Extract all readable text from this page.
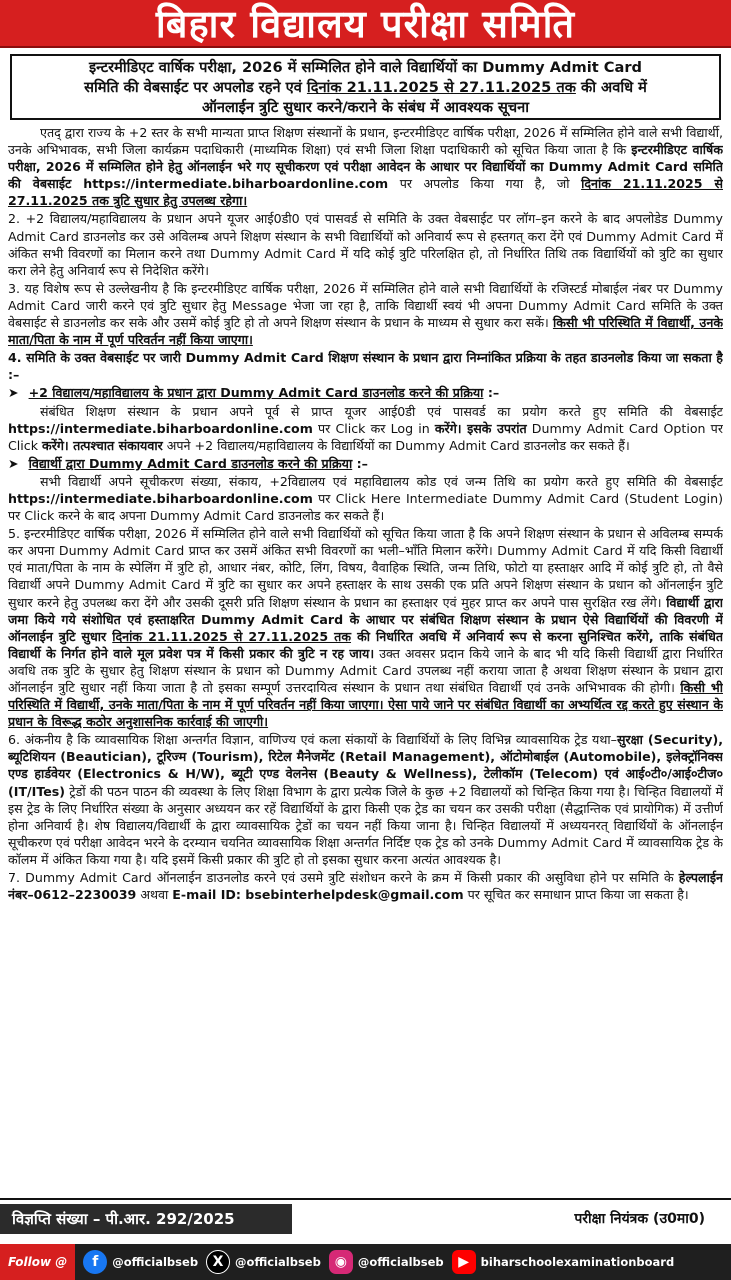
बिहार विद्यालय परीक्षा समिति
इन्टरमीडिएट वार्षिक परीक्षा, 2026 में सम्मिलित होने वाले विद्यार्थियों का Dummy Admit Card
समिति की वेबसाईट पर अपलोड रहने एवं दिनांक 21.11.2025 से 27.11.2025 तक की अवधि में
ऑनलाईन त्रुटि सुधार करने/कराने के संबंध में आवश्यक सूचना

एतद् द्वारा राज्य के +2 स्तर के सभी मान्यता प्राप्त शिक्षण संस्थानों के प्रधान, इन्टरमीडिएट वार्षिक परीक्षा, 2026 में सम्मिलित होने वाले सभी विद्यार्थी, उनके अभिभावक, सभी जिला कार्यक्रम पदाधिकारी (माध्यमिक शिक्षा) एवं सभी जिला शिक्षा पदाधिकारी को सूचित किया जाता है कि इन्टरमीडिएट वार्षिक परीक्षा, 2026 में सम्मिलित होने हेतु ऑनलाईन भरे गए सूचीकरण एवं परीक्षा आवेदन के आधार पर विद्यार्थियों का Dummy Admit Card समिति की वेबसाईट https://intermediate.biharboardonline.com पर अपलोड किया गया है, जो दिनांक 21.11.2025 से 27.11.2025 तक त्रुटि सुधार हेतु उपलब्ध रहेगा।

2. +2 विद्यालय/महाविद्यालय के प्रधान अपने यूजर आई0डी0 एवं पासवर्ड से समिति के उक्त वेबसाईट पर लॉग–इन करने के बाद अपलोडेड Dummy Admit Card डाउनलोड कर उसे अविलम्ब अपने शिक्षण संस्थान के सभी विद्यार्थियों को अनिवार्य रूप से हस्तगत् करा देंगे एवं Dummy Admit Card में अंकित सभी विवरणों का मिलान करने तथा Dummy Admit Card में यदि कोई त्रुटि परिलक्षित हो, तो निर्धारित तिथि तक विद्यार्थियों को त्रुटि का सुधार करा लेने हेतु अनिवार्य रूप से निदेशित करेंगे।

3. यह विशेष रूप से उल्लेखनीय है कि इन्टरमीडिएट वार्षिक परीक्षा, 2026 में सम्मिलित होने वाले सभी विद्यार्थियों के रजिस्टर्ड मोबाईल नंबर पर Dummy Admit Card जारी करने एवं त्रुटि सुधार हेतु Message भेजा जा रहा है, ताकि विद्यार्थी स्वयं भी अपना Dummy Admit Card समिति के उक्त वेबसाईट से डाउनलोड कर सके और उसमें कोई त्रुटि हो तो अपने शिक्षण संस्थान के प्रधान के माध्यम से सुधार करा सकें। किसी भी परिस्थिति में विद्यार्थी, उनके माता/पिता के नाम में पूर्ण परिवर्तन नहीं किया जाएगा।

4. समिति के उक्त वेबसाईट पर जारी Dummy Admit Card शिक्षण संस्थान के प्रधान द्वारा निम्नांकित प्रक्रिया के तहत डाउनलोड किया जा सकता है :–

➤ +2 विद्यालय/महाविद्यालय के प्रधान द्वारा Dummy Admit Card डाउनलोड करने की प्रक्रिया :–

संबंधित शिक्षण संस्थान के प्रधान अपने पूर्व से प्राप्त यूजर आई0डी एवं पासवर्ड का प्रयोग करते हुए समिति की वेबसाईट https://intermediate.biharboardonline.com पर Click कर Log in करेंगे। इसके उपरांत Dummy Admit Card Option पर Click करेंगे। तत्पश्चात संकायवार अपने +2 विद्यालय/महाविद्यालय के विद्यार्थियों का Dummy Admit Card डाउनलोड कर सकते हैं।

➤ विद्यार्थी द्वारा Dummy Admit Card डाउनलोड करने की प्रक्रिया :–

सभी विद्यार्थी अपने सूचीकरण संख्या, संकाय, +2विद्यालय एवं महाविद्यालय कोड एवं जन्म तिथि का प्रयोग करते हुए समिति की वेबसाईट https://intermediate.biharboardonline.com पर Click Here Intermediate Dummy Admit Card (Student Login) पर Click करने के बाद अपना Dummy Admit Card डाउनलोड कर सकते हैं।

5. इन्टरमीडिएट वार्षिक परीक्षा, 2026 में सम्मिलित होने वाले सभी विद्यार्थियों को सूचित किया जाता है कि अपने शिक्षण संस्थान के प्रधान से अविलम्ब सम्पर्क कर अपना Dummy Admit Card प्राप्त कर उसमें अंकित सभी विवरणों का भली–भाँति मिलान करेंगे। Dummy Admit Card में यदि किसी विद्यार्थी एवं माता/पिता के नाम के स्पेलिंग में त्रुटि हो, आधार नंबर, कोटि, लिंग, विषय, वैवाहिक स्थिति, जन्म तिथि, फोटो या हस्ताक्षर आदि में कोई त्रुटि हो, तो वैसे विद्यार्थी अपने Dummy Admit Card में त्रुटि का सुधार कर अपने हस्ताक्षर के साथ उसकी एक प्रति अपने शिक्षण संस्थान के प्रधान को ऑनलाईन त्रुटि सुधार करने हेतु उपलब्ध करा देंगे और उसकी दूसरी प्रति शिक्षण संस्थान के प्रधान का हस्ताक्षर एवं मुहर प्राप्त कर अपने पास सुरक्षित रख लेंगे। विद्यार्थी द्वारा जमा किये गये संशोधित एवं हस्ताक्षरित Dummy Admit Card के आधार पर संबंधित शिक्षण संस्थान के प्रधान ऐसे विद्यार्थियों की विवरणी में ऑनलाईन त्रुटि सुधार दिनांक 21.11.2025 से 27.11.2025 तक की निर्धारित अवधि में अनिवार्य रूप से करना सुनिश्चित करेंगे, ताकि संबंधित विद्यार्थी के निर्गत होने वाले मूल प्रवेश पत्र में किसी प्रकार की त्रुटि न रह जाय। उक्त अवसर प्रदान किये जाने के बाद भी यदि किसी विद्यार्थी द्वारा निर्धारित अवधि तक त्रुटि के सुधार हेतु शिक्षण संस्थान के प्रधान को Dummy Admit Card उपलब्ध नहीं कराया जाता है अथवा शिक्षण संस्थान के प्रधान द्वारा ऑनलाईन त्रुटि सुधार नहीं किया जाता है तो इसका सम्पूर्ण उत्तरदायित्व संस्थान के प्रधान तथा संबंधित विद्यार्थी एवं उनके अभिभावक की होगी। किसी भी परिस्थिति में विद्यार्थी, उनके माता/पिता के नाम में पूर्ण परिवर्तन नहीं किया जाएगा। ऐसा पाये जाने पर संबंधित विद्यार्थी का अभ्यर्थित्व रद्द करते हुए संस्थान के प्रधान के विरूद्ध कठोर अनुशासनिक कार्रवाई की जाएगी।

6. अंकनीय है कि व्यावसायिक शिक्षा अन्तर्गत विज्ञान, वाणिज्य एवं कला संकायों के विद्यार्थियों के लिए विभिन्न व्यावसायिक ट्रेड यथा–सुरक्षा (Security), ब्यूटिशियन (Beautician), टूरिज्म (Tourism), रिटेल मैनेजमेंट (Retail Management), ऑटोमोबाईल (Automobile), इलेक्ट्रॉनिक्स एण्ड हार्डवेयर (Electronics & H/W), ब्यूटी एण्ड वेलनेस (Beauty & Wellness), टेलीकॉम (Telecom) एवं आई०टी०/आई०टीज० (IT/ITes) ट्रेडों की पठन पाठन की व्यवस्था के लिए शिक्षा विभाग के द्वारा प्रत्येक जिले के कुछ +2 विद्यालयों को चिन्हित किया गया है। चिन्हित विद्यालयों में इस ट्रेड के लिए निर्धारित संख्या के अनुसार अध्ययन कर रहें विद्यार्थियों के द्वारा किसी एक ट्रेड का चयन कर उसकी परीक्षा (सैद्धान्तिक एवं प्रायोगिक) में उत्तीर्ण होना अनिवार्य है। शेष विद्यालय/विद्यार्थी के द्वारा व्यावसायिक ट्रेडों का चयन नहीं किया जाना है। चिन्हित विद्यालयों में अध्ययनरत् विद्यार्थियों के ऑनलाईन सूचीकरण एवं परीक्षा आवेदन भरने के दरम्यान चयनित व्यावसायिक शिक्षा अन्तर्गत निर्दिष्ट एक ट्रेड को उनके Dummy Admit Card में व्यावसायिक ट्रेड के कॉलम में अंकित किया गया है। यदि इसमें किसी प्रकार की त्रुटि हो तो इसका सुधार करना अत्यंत आवश्यक है।

7. Dummy Admit Card ऑनलाईन डाउनलोड करने एवं उसमे त्रुटि संशोधन करने के क्रम में किसी प्रकार की असुविधा होने पर समिति के हेल्पलाईन नंबर–0612–2230039 अथवा E-mail ID: bsebinterhelpdesk@gmail.com पर सूचित कर समाधान प्राप्त किया जा सकता है।

विज्ञप्ति संख्या – पी.आर. 292/2025	परीक्षा नियंत्रक (उ0मा0)
Follow @	f	@officialbseb	X	@officialbseb ◉ @officialbseb	▶	biharschoolexaminationboard
